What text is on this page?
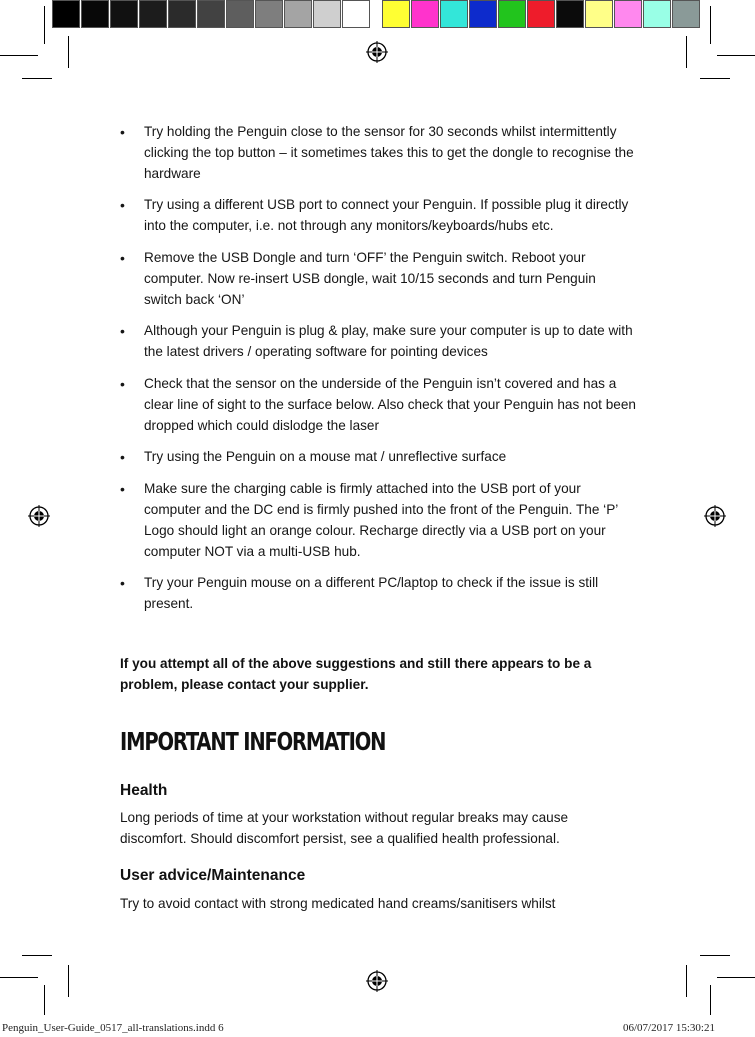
• Try holding the Penguin close to the sensor for 30 seconds whilst intermittently clicking the top button – it sometimes takes this to get the dongle to recognise the hardware
• Try using a different USB port to connect your Penguin. If possible plug it directly into the computer, i.e. not through any monitors/keyboards/hubs etc.
• Remove the USB Dongle and turn ‘OFF’ the Penguin switch. Reboot your computer. Now re-insert USB dongle, wait 10/15 seconds and turn Penguin switch back ‘ON’
• Although your Penguin is plug & play, make sure your computer is up to date with the latest drivers / operating software for pointing devices
• Check that the sensor on the underside of the Penguin isn’t covered and has a clear line of sight to the surface below. Also check that your Penguin has not been dropped which could dislodge the laser
• Try using the Penguin on a mouse mat / unreflective surface
• Make sure the charging cable is firmly attached into the USB port of your computer and the DC end is firmly pushed into the front of the Penguin. The ‘P’ Logo should light an orange colour. Recharge directly via a USB port on your computer NOT via a multi-USB hub.
• Try your Penguin mouse on a different PC/laptop to check if the issue is still present.
If you attempt all of the above suggestions and still there appears to be a problem, please contact your supplier.
IMPORTANT INFORMATION
Health
Long periods of time at your workstation without regular breaks may cause discomfort. Should discomfort persist, see a qualified health professional.
User advice/Maintenance
Try to avoid contact with strong medicated hand creams/sanitisers whilst
Penguin_User-Guide_0517_all-translations.indd 6	06/07/2017 15:30:21
